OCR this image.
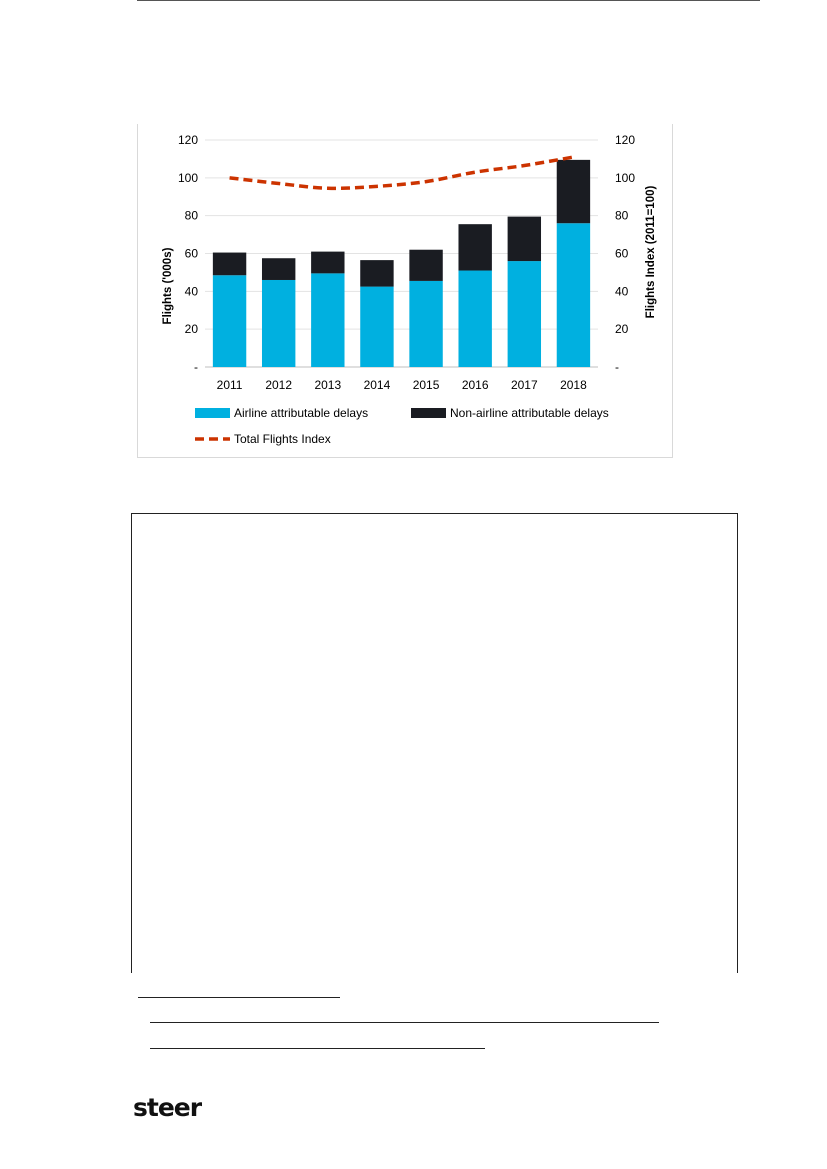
-
20
40
60
80
100
120
-
20
40
60
80
100
120
2011 2012 2013 2014 2015 2016 2017 2018
Flights ('000s)	Flights Index (2011=100)
Airline attributable delays	Non-airline attributable delays
Total Flights Index
steer
